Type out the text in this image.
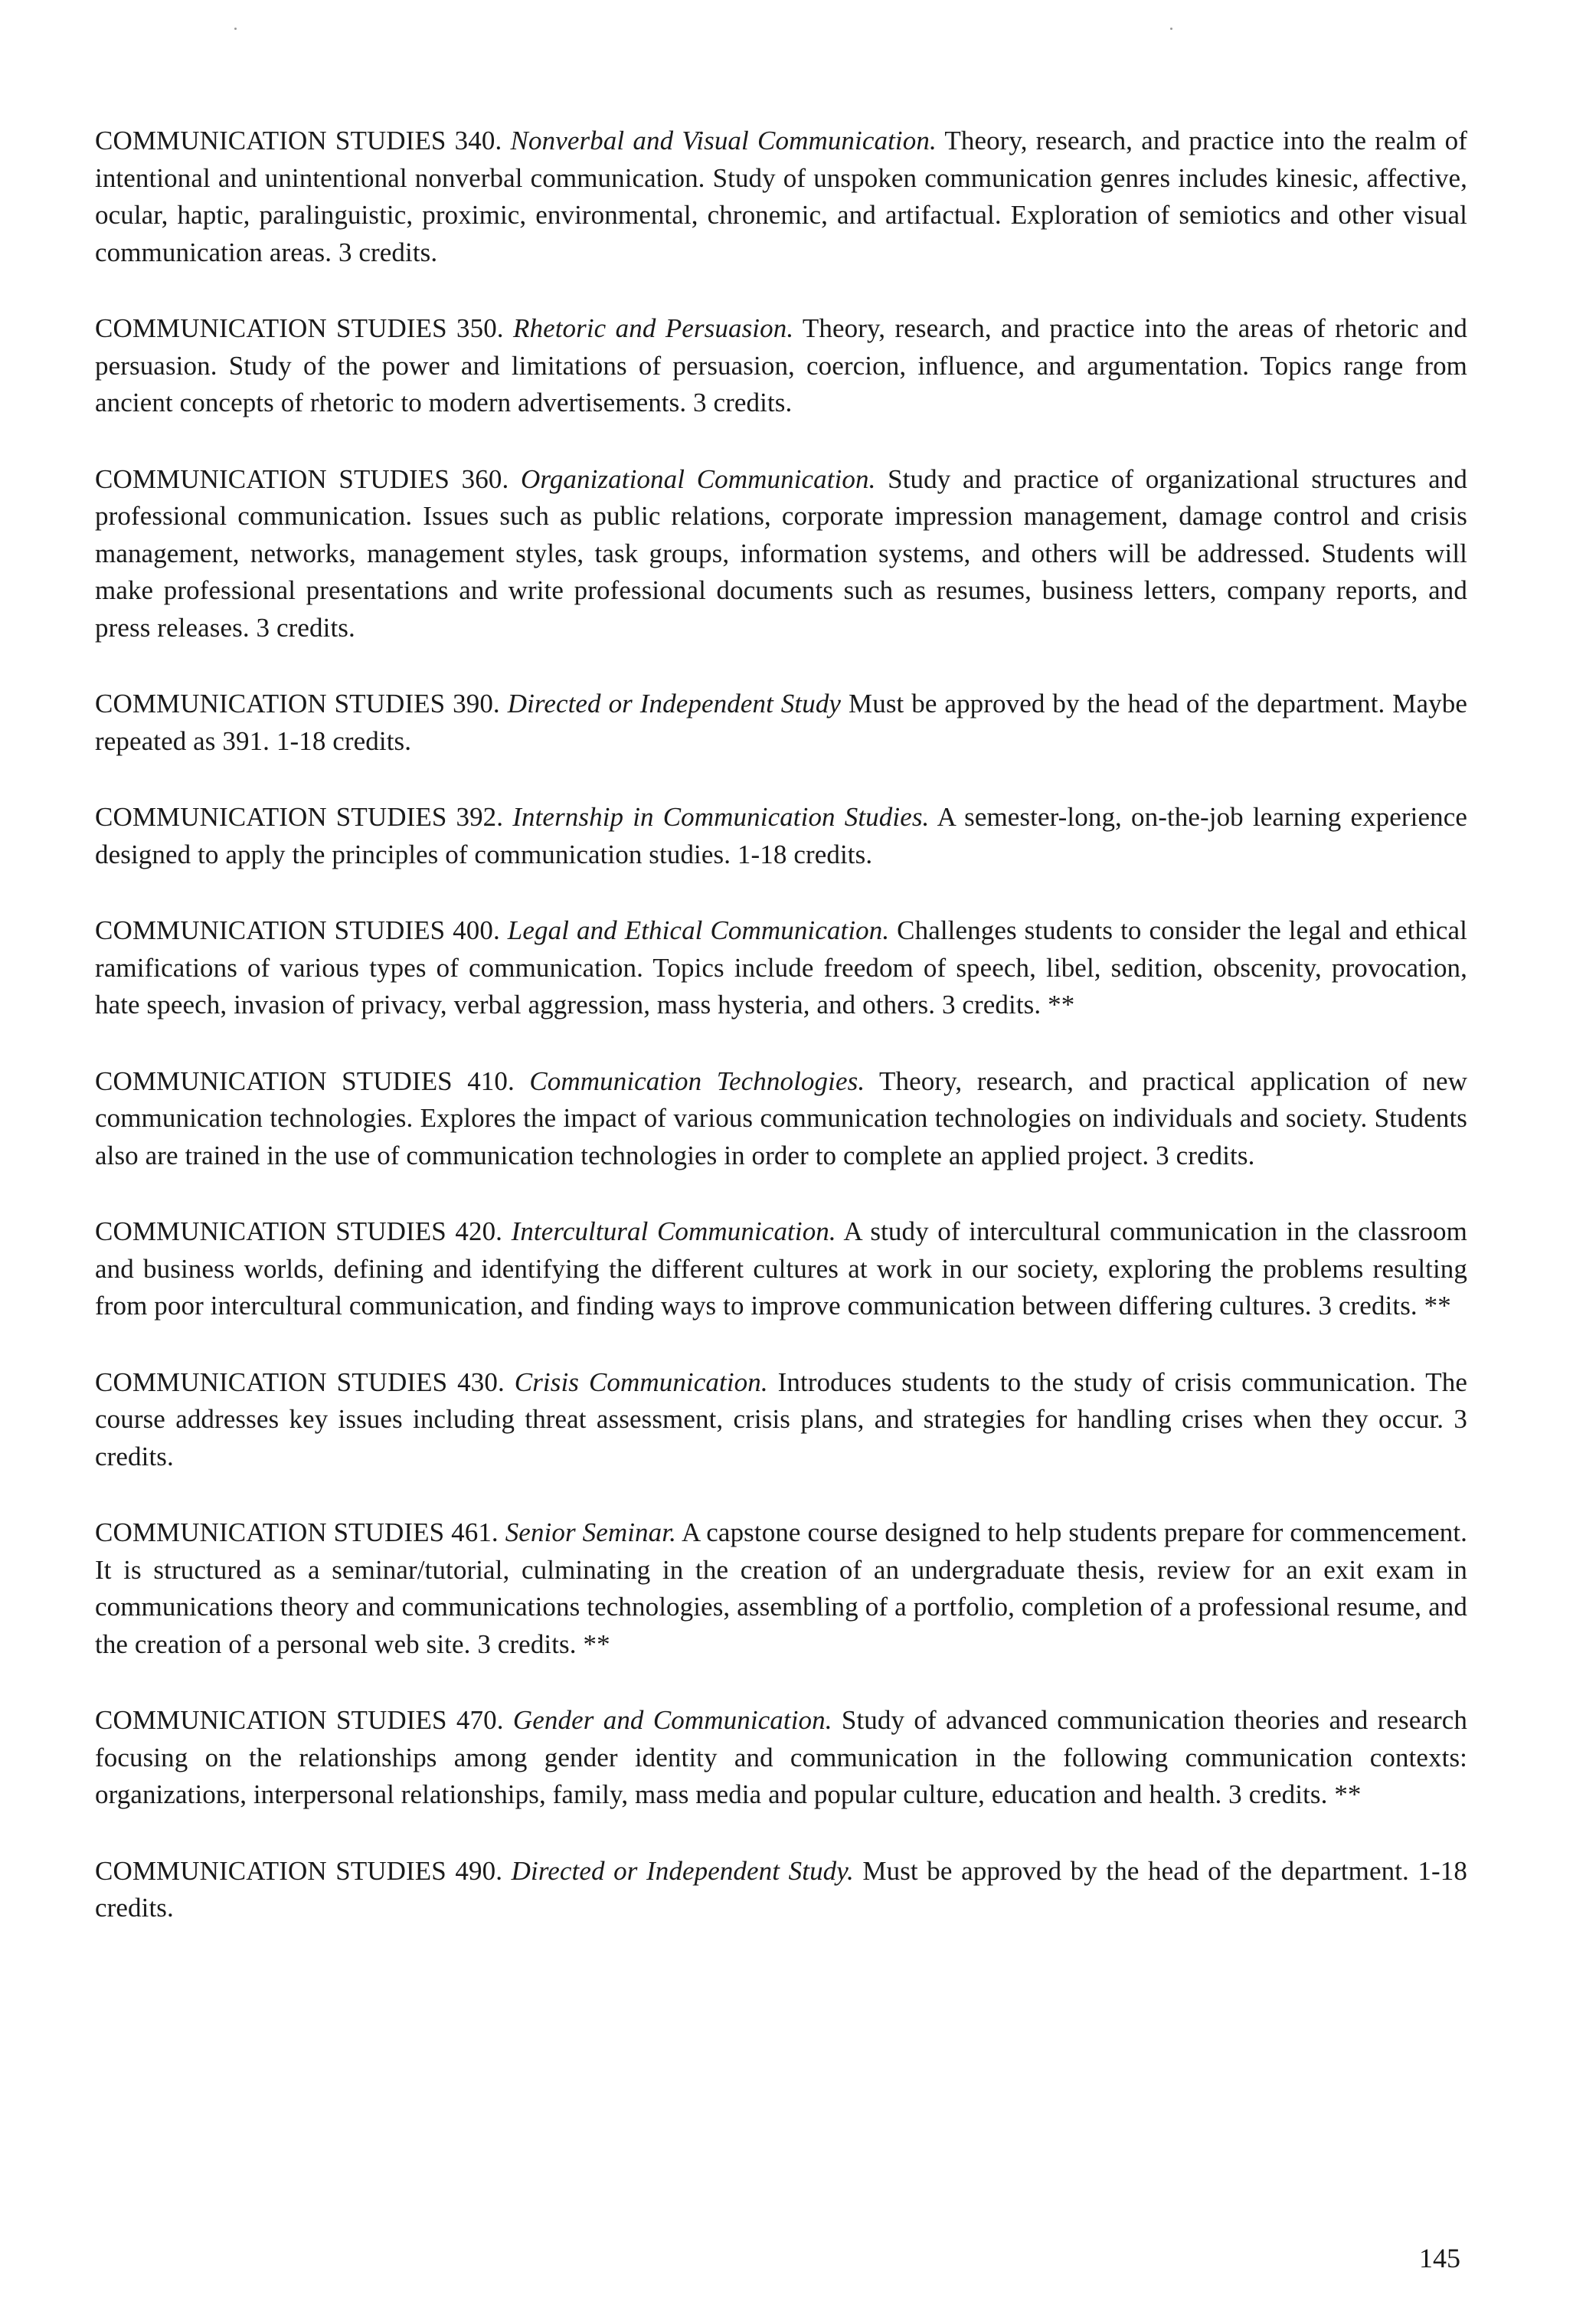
COMMUNICATION STUDIES 340. Nonverbal and Visual Communication. Theory, research, and practice into the realm of intentional and unintentional nonverbal communication. Study of unspoken communication genres includes kinesic, affective, ocular, haptic, paralinguistic, proximic, environmental, chronemic, and artifactual. Exploration of semiotics and other visual communication areas. 3 credits.

COMMUNICATION STUDIES 350. Rhetoric and Persuasion. Theory, research, and practice into the areas of rhetoric and persuasion. Study of the power and limitations of persuasion, coercion, influence, and argumentation. Topics range from ancient concepts of rhetoric to modern advertisements. 3 credits.

COMMUNICATION STUDIES 360. Organizational Communication. Study and practice of organizational structures and professional communication. Issues such as public relations, corporate impression management, damage control and crisis management, networks, management styles, task groups, information systems, and others will be addressed. Students will make professional presentations and write professional documents such as resumes, business letters, company reports, and press releases. 3 credits.

COMMUNICATION STUDIES 390. Directed or Independent Study Must be approved by the head of the department. Maybe repeated as 391. 1-18 credits.

COMMUNICATION STUDIES 392. Internship in Communication Studies. A semester-long, on-the-job learning experience designed to apply the principles of communication studies. 1-18 credits.

COMMUNICATION STUDIES 400. Legal and Ethical Communication. Challenges students to consider the legal and ethical ramifications of various types of communication. Topics include freedom of speech, libel, sedition, obscenity, provocation, hate speech, invasion of privacy, verbal aggression, mass hysteria, and others. 3 credits. **

COMMUNICATION STUDIES 410. Communication Technologies. Theory, research, and practical application of new communication technologies. Explores the impact of various communication technologies on individuals and society. Students also are trained in the use of communication technologies in order to complete an applied project. 3 credits.

COMMUNICATION STUDIES 420. Intercultural Communication. A study of intercultural communication in the classroom and business worlds, defining and identifying the different cultures at work in our society, exploring the problems resulting from poor intercultural communication, and finding ways to improve communication between differing cultures. 3 credits. **

COMMUNICATION STUDIES 430. Crisis Communication. Introduces students to the study of crisis communication. The course addresses key issues including threat assessment, crisis plans, and strategies for handling crises when they occur. 3 credits.

COMMUNICATION STUDIES 461. Senior Seminar. A capstone course designed to help students prepare for commencement. It is structured as a seminar/tutorial, culminating in the creation of an undergraduate thesis, review for an exit exam in communications theory and communications technologies, assembling of a portfolio, completion of a professional resume, and the creation of a personal web site. 3 credits. **

COMMUNICATION STUDIES 470. Gender and Communication. Study of advanced communication theories and research focusing on the relationships among gender identity and communication in the following communication contexts: organizations, interpersonal relationships, family, mass media and popular culture, education and health. 3 credits. **

COMMUNICATION STUDIES 490. Directed or Independent Study. Must be approved by the head of the department. 1-18 credits.

145
